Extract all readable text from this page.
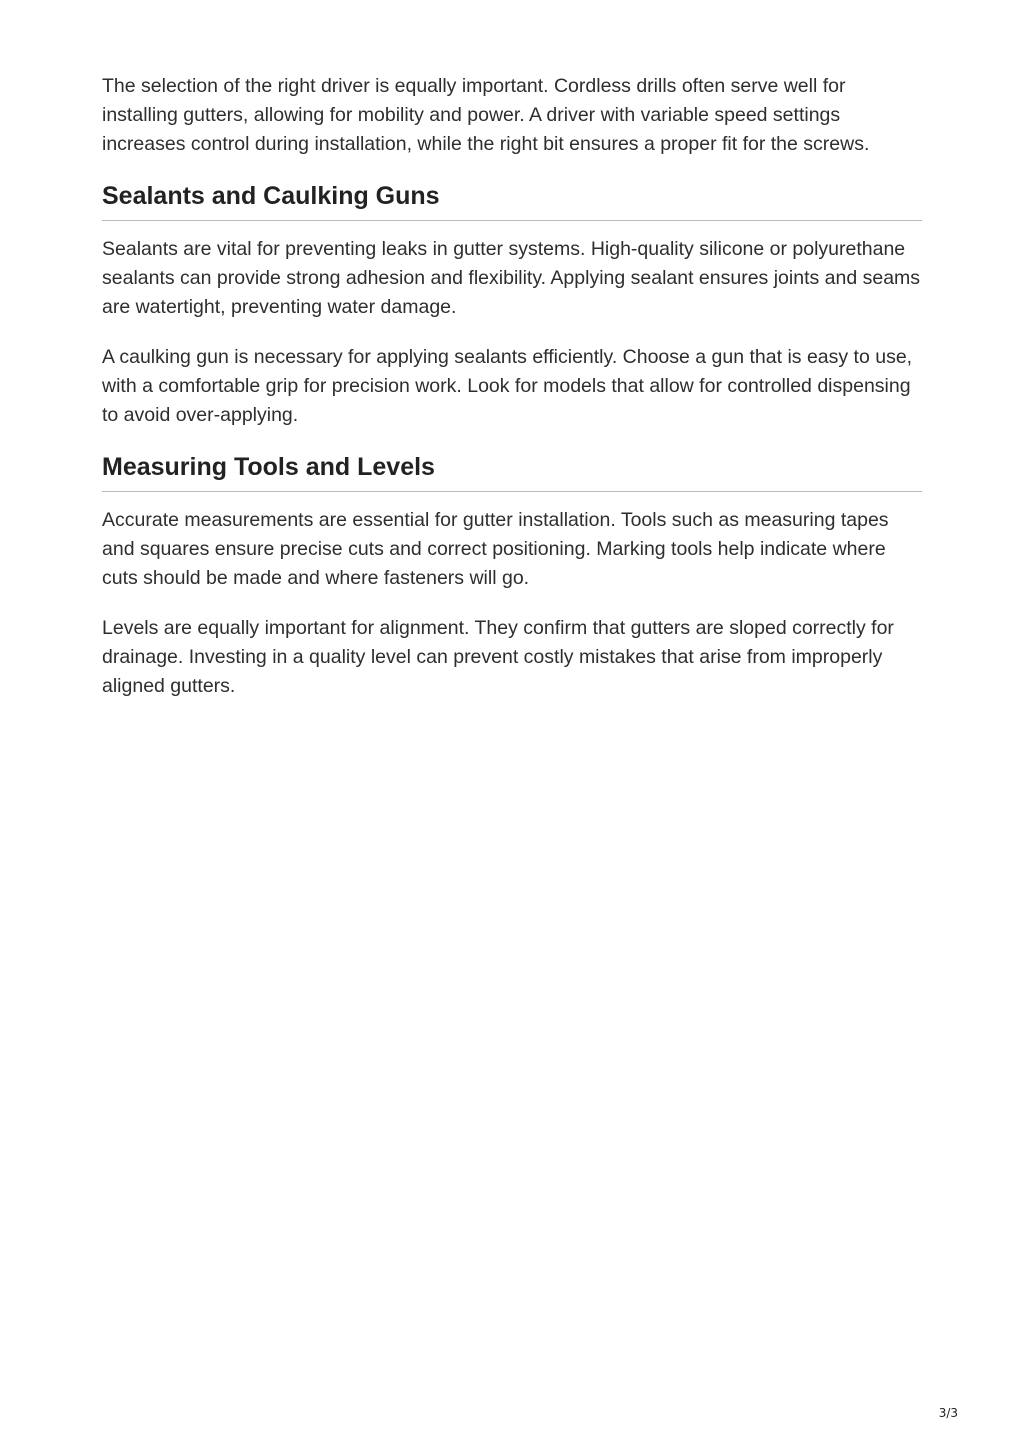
The selection of the right driver is equally important. Cordless drills often serve well for installing gutters, allowing for mobility and power. A driver with variable speed settings increases control during installation, while the right bit ensures a proper fit for the screws.

Sealants and Caulking Guns

Sealants are vital for preventing leaks in gutter systems. High-quality silicone or polyurethane sealants can provide strong adhesion and flexibility. Applying sealant ensures joints and seams are watertight, preventing water damage.

A caulking gun is necessary for applying sealants efficiently. Choose a gun that is easy to use, with a comfortable grip for precision work. Look for models that allow for controlled dispensing to avoid over-applying.

Measuring Tools and Levels

Accurate measurements are essential for gutter installation. Tools such as measuring tapes and squares ensure precise cuts and correct positioning. Marking tools help indicate where cuts should be made and where fasteners will go.

Levels are equally important for alignment. They confirm that gutters are sloped correctly for drainage. Investing in a quality level can prevent costly mistakes that arise from improperly aligned gutters.

3/3
